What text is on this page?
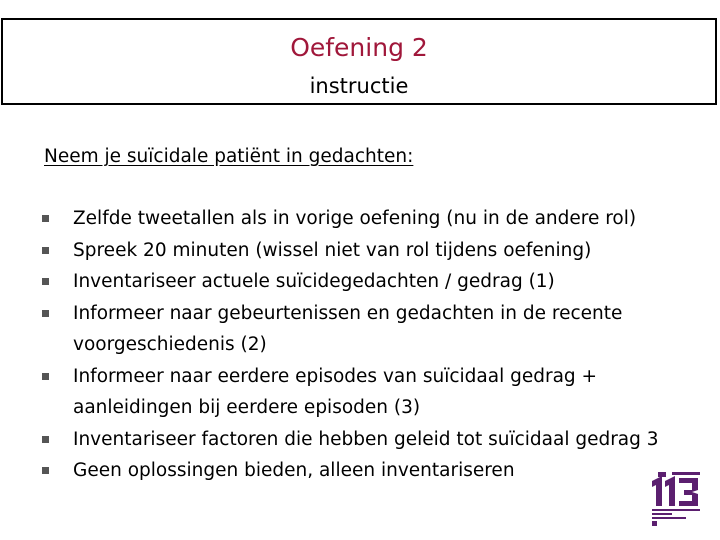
Oefening 2
instructie
Neem je suïcidale patiënt in gedachten:
Zelfde tweetallen als in vorige oefening (nu in de andere rol)
Spreek 20 minuten (wissel niet van rol tijdens oefening)
Inventariseer actuele suïcidegedachten / gedrag (1)
Informeer naar gebeurtenissen en gedachten in de recente voorgeschiedenis (2)
Informeer naar eerdere episodes van suïcidaal gedrag + aanleidingen bij eerdere episoden (3)
Inventariseer factoren die hebben geleid tot suïcidaal gedrag 3
Geen oplossingen bieden, alleen inventariseren
